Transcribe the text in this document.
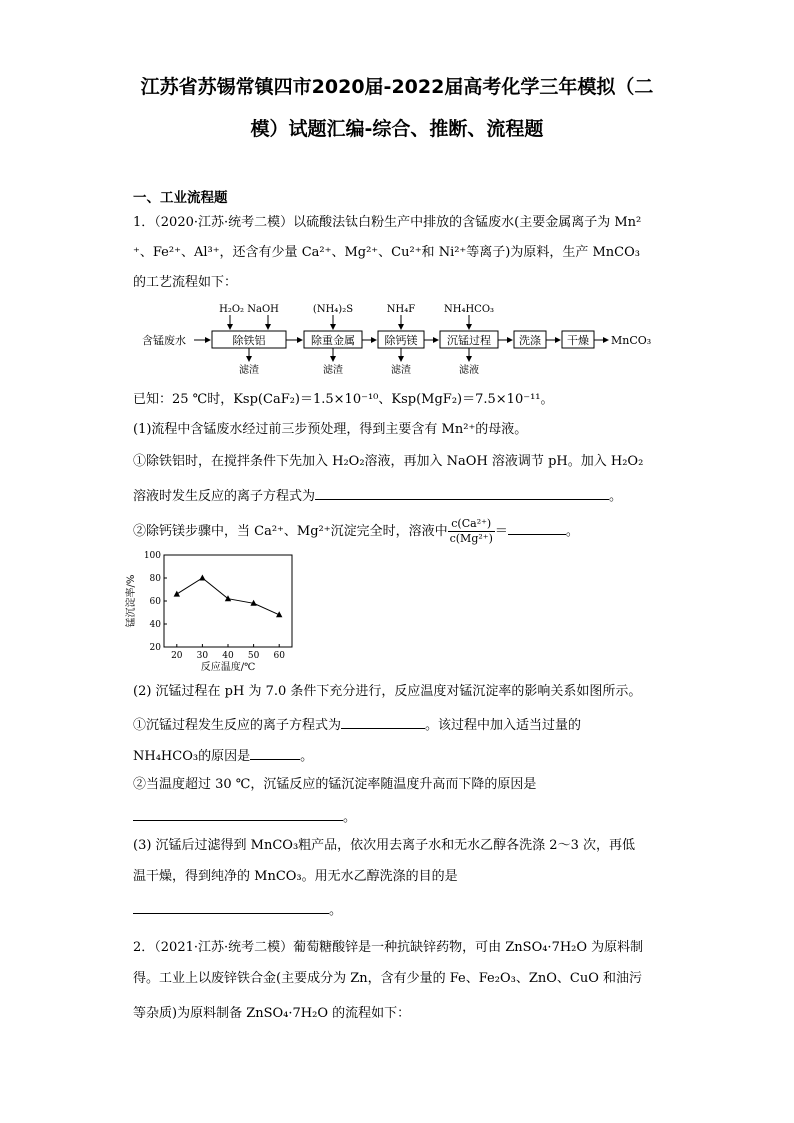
江苏省苏锡常镇四市2020届-2022届高考化学三年模拟（二
模）试题汇编-综合、推断、流程题
一、工业流程题
1．（2020·江苏·统考二模）以硫酸法钛白粉生产中排放的含锰废水(主要金属离子为 Mn²
⁺、Fe²⁺、Al³⁺，还含有少量 Ca²⁺、Mg²⁺、Cu²⁺和 Ni²⁺等离子)为原料，生产 MnCO₃
的工艺流程如下：
含锰废水	除铁铝	除重金属	除钙镁	沉锰过程	洗涤 干燥 MnCO₃
H₂O₂ NaOH	(NH₄)₂S	NH₄F	NH₄HCO₃
滤渣	滤渣	滤渣	滤液
已知：25 ℃时，Ksp(CaF₂)＝1.5×10⁻¹⁰、Ksp(MgF₂)＝7.5×10⁻¹¹。
(1)流程中含锰废水经过前三步预处理，得到主要含有 Mn²⁺的母液。
①除铁铝时，在搅拌条件下先加入 H₂O₂溶液，再加入 NaOH 溶液调节 pH。加入 H₂O₂
溶液时发生反应的离子方程式为	。
②除钙镁步骤中，当 Ca²⁺、Mg²⁺沉淀完全时，溶液中 $\frac{\text{c(Ca²⁺)}}{\text{c(Mg²⁺)}}$ ＝	。
20 30 40 50 60
20
40
60
80
100
反应温度/℃
锰沉淀率/%
(2) 沉锰过程在 pH 为 7.0 条件下充分进行，反应温度对锰沉淀率的影响关系如图所示。
①沉锰过程发生反应的离子方程式为	。该过程中加入适当过量的
NH₄HCO₃的原因是	。
②当温度超过 30 ℃，沉锰反应的锰沉淀率随温度升高而下降的原因是
。
(3) 沉锰后过滤得到 MnCO₃粗产品，依次用去离子水和无水乙醇各洗涤 2～3 次，再低
温干燥，得到纯净的 MnCO₃。用无水乙醇洗涤的目的是
。
2．（2021·江苏·统考二模）葡萄糖酸锌是一种抗缺锌药物，可由 ZnSO₄·7H₂O 为原料制
得。工业上以废锌铁合金(主要成分为 Zn，含有少量的 Fe、Fe₂O₃、ZnO、CuO 和油污
等杂质)为原料制备 ZnSO₄·7H₂O 的流程如下：
